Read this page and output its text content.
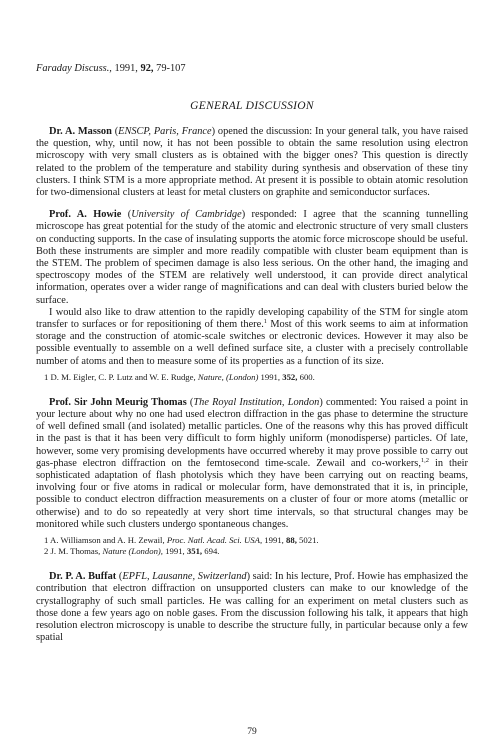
Faraday Discuss., 1991, 92, 79-107
GENERAL DISCUSSION

Dr. A. Masson (ENSCP, Paris, France) opened the discussion: In your general talk, you have raised the question, why, until now, it has not been possible to obtain the same resolution using electron microscopy with very small clusters as is obtained with the bigger ones? This question is directly related to the problem of the temperature and stability during synthesis and observation of these tiny clusters. I think STM is a more appropriate method. At present it is possible to obtain atomic resolution for two-dimensional clusters at least for metal clusters on graphite and semiconductor surfaces.

Prof. A. Howie (University of Cambridge) responded: I agree that the scanning tunnelling microscope has great potential for the study of the atomic and electronic structure of very small clusters on conducting supports. In the case of insulating supports the atomic force microscope should be useful. Both these instruments are simpler and more readily compatible with cluster beam equipment than is the STEM. The problem of specimen damage is also less serious. On the other hand, the imaging and spectroscopy modes of the STEM are relatively well understood, it can provide direct analytical information, operates over a wider range of magnifications and can deal with clusters buried below the surface.

I would also like to draw attention to the rapidly developing capability of the STM for single atom transfer to surfaces or for repositioning of them there.$^1$ Most of this work seems to aim at information storage and the construction of atomic-scale switches or electronic devices. However it may also be possible eventually to assemble on a well defined surface site, a cluster with a precisely controllable number of atoms and then to measure some of its properties as a function of its size.

1 D. M. Eigler, C. P. Lutz and W. E. Rudge, Nature, (London) 1991, 352, 600.

Prof. Sir John Meurig Thomas (The Royal Institution, London) commented: You raised a point in your lecture about why no one had used electron diffraction in the gas phase to determine the structure of well defined small (and isolated) metallic particles. One of the reasons why this has proved difficult in the past is that it has been very difficult to form highly uniform (monodisperse) particles. Of late, however, some very promising developments have occurred whereby it may prove possible to carry out gas-phase electron diffraction on the femtosecond time-scale. Zewail and co-workers,$^{1,2}$ in their sophisticated adaptation of flash photolysis which they have been carrying out on reacting beams, involving four or five atoms in radical or molecular form, have demonstrated that it is, in principle, possible to conduct electron diffraction measurements on a cluster of four or more atoms (metallic or otherwise) and to do so repeatedly at very short time intervals, so that structural changes may be monitored while such clusters undergo spontaneous changes.

1 A. Williamson and A. H. Zewail, Proc. Natl. Acad. Sci. USA, 1991, 88, 5021.
2 J. M. Thomas, Nature (London), 1991, 351, 694.

Dr. P. A. Buffat (EPFL, Lausanne, Switzerland) said: In his lecture, Prof. Howie has emphasized the contribution that electron diffraction on unsupported clusters can make to our knowledge of the crystallography of such small particles. He was calling for an experiment on metal clusters such as those done a few years ago on noble gases. From the discussion following his talk, it appears that high resolution electron microscopy is unable to describe the structure fully, in particular because only a few spatial

79
